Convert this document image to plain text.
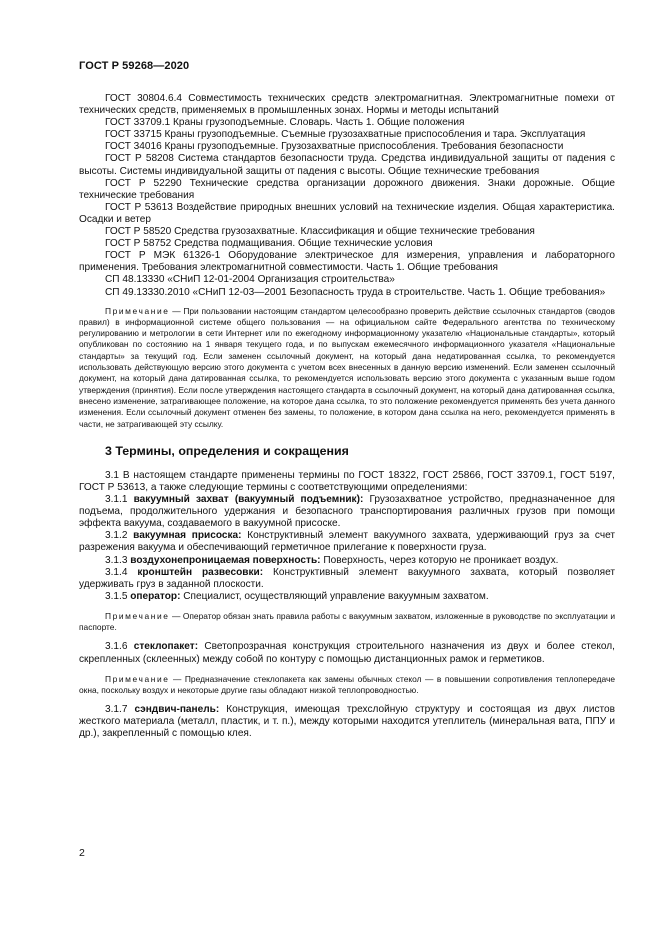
ГОСТ Р 59268—2020

ГОСТ 30804.6.4 Совместимость технических средств электромагнитная. Электромагнитные помехи от технических средств, применяемых в промышленных зонах. Нормы и методы испытаний

ГОСТ 33709.1 Краны грузоподъемные. Словарь. Часть 1. Общие положения

ГОСТ 33715 Краны грузоподъемные. Съемные грузозахватные приспособления и тара. Эксплуатация

ГОСТ 34016 Краны грузоподъемные. Грузозахватные приспособления. Требования безопасности

ГОСТ Р 58208 Система стандартов безопасности труда. Средства индивидуальной защиты от падения с высоты. Системы индивидуальной защиты от падения с высоты. Общие технические требования

ГОСТ Р 52290 Технические средства организации дорожного движения. Знаки дорожные. Общие технические требования

ГОСТ Р 53613 Воздействие природных внешних условий на технические изделия. Общая характеристика. Осадки и ветер

ГОСТ Р 58520 Средства грузозахватные. Классификация и общие технические требования

ГОСТ Р 58752 Средства подмащивания. Общие технические условия

ГОСТ Р МЭК 61326-1 Оборудование электрическое для измерения, управления и лабораторного применения. Требования электромагнитной совместимости. Часть 1. Общие требования

СП 48.13330 «СНиП 12-01-2004 Организация строительства»

СП 49.13330.2010 «СНиП 12-03—2001 Безопасность труда в строительстве. Часть 1. Общие требования»

Примечание — При пользовании настоящим стандартом целесообразно проверить действие ссылочных стандартов (сводов правил) в информационной системе общего пользования — на официальном сайте Федерального агентства по техническому регулированию и метрологии в сети Интернет или по ежегодному информационному указателю «Национальные стандарты», который опубликован по состоянию на 1 января текущего года, и по выпускам ежемесячного информационного указателя «Национальные стандарты» за текущий год. Если заменен ссылочный документ, на который дана недатированная ссылка, то рекомендуется использовать действующую версию этого документа с учетом всех внесенных в данную версию изменений. Если заменен ссылочный документ, на который дана датированная ссылка, то рекомендуется использовать версию этого документа с указанным выше годом утверждения (принятия). Если после утверждения настоящего стандарта в ссылочный документ, на который дана датированная ссылка, внесено изменение, затрагивающее положение, на которое дана ссылка, то это положение рекомендуется применять без учета данного изменения. Если ссылочный документ отменен без замены, то положение, в котором дана ссылка на него, рекомендуется применять в части, не затрагивающей эту ссылку.

3 Термины, определения и сокращения

3.1 В настоящем стандарте применены термины по ГОСТ 18322, ГОСТ 25866, ГОСТ 33709.1, ГОСТ 5197, ГОСТ Р 53613, а также следующие термины с соответствующими определениями:

3.1.1 вакуумный захват (вакуумный подъемник): Грузозахватное устройство, предназначенное для подъема, продолжительного удержания и безопасного транспортирования различных грузов при помощи эффекта вакуума, создаваемого в вакуумной присоске.

3.1.2 вакуумная присоска: Конструктивный элемент вакуумного захвата, удерживающий груз за счет разрежения вакуума и обеспечивающий герметичное прилегание к поверхности груза.

3.1.3 воздухонепроницаемая поверхность: Поверхность, через которую не проникает воздух.

3.1.4 кронштейн развесовки: Конструктивный элемент вакуумного захвата, который позволяет удерживать груз в заданной плоскости.

3.1.5 оператор: Специалист, осуществляющий управление вакуумным захватом.

Примечание — Оператор обязан знать правила работы с вакуумным захватом, изложенные в руководстве по эксплуатации и паспорте.

3.1.6 стеклопакет: Светопрозрачная конструкция строительного назначения из двух и более стекол, скрепленных (склеенных) между собой по контуру с помощью дистанционных рамок и герметиков.

Примечание — Предназначение стеклопакета как замены обычных стекол — в повышении сопротивления теплопередаче окна, поскольку воздух и некоторые другие газы обладают низкой теплопроводностью.

3.1.7 сэндвич-панель: Конструкция, имеющая трехслойную структуру и состоящая из двух листов жесткого материала (металл, пластик, и т. п.), между которыми находится утеплитель (минеральная вата, ППУ и др.), закрепленный с помощью клея.

2
